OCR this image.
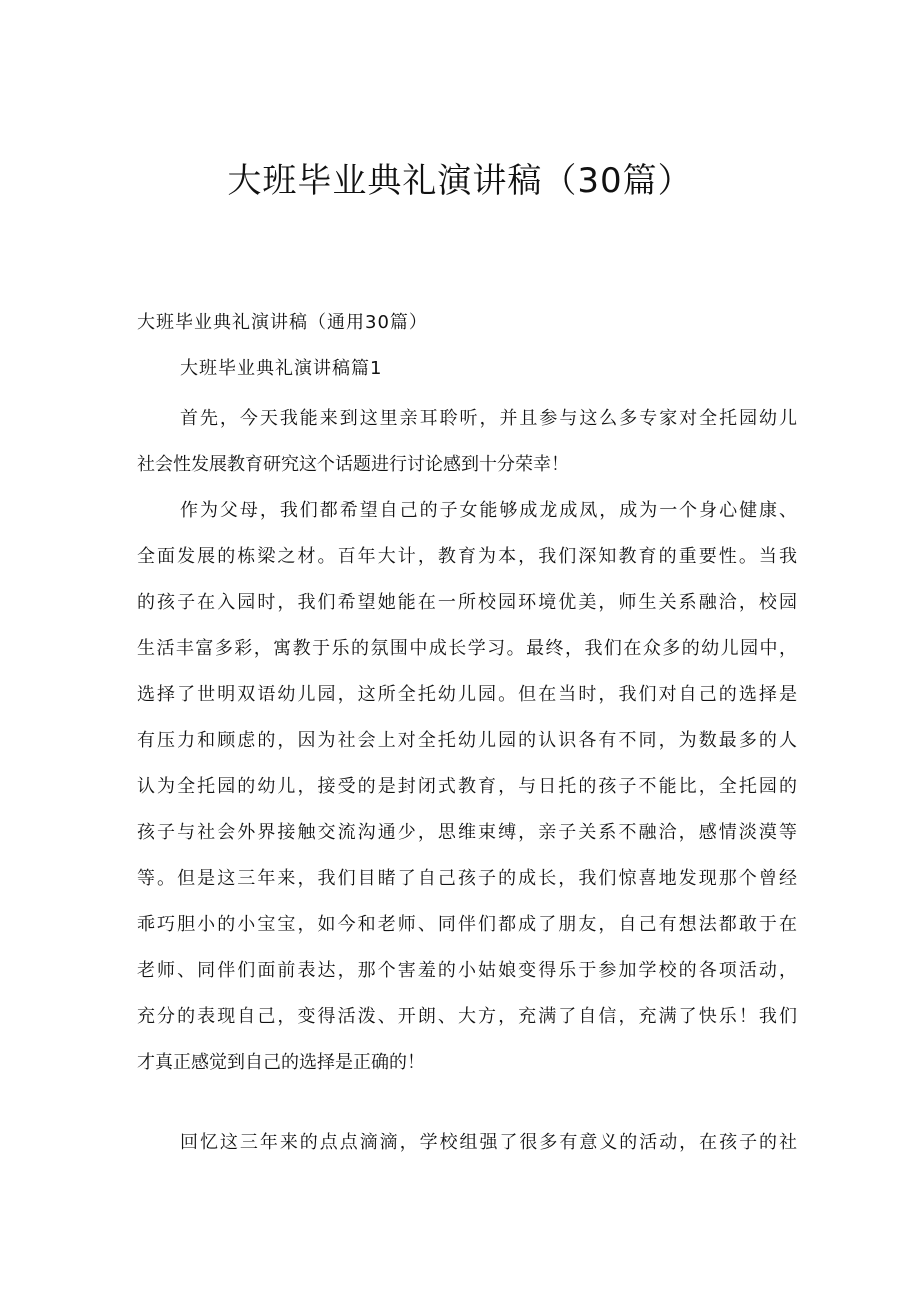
大班毕业典礼演讲稿（30篇）
大班毕业典礼演讲稿（通用30篇）
大班毕业典礼演讲稿篇1
首先，今天我能来到这里亲耳聆听，并且参与这么多专家对全托园幼儿
社会性发展教育研究这个话题进行讨论感到十分荣幸！
作为父母，我们都希望自己的子女能够成龙成凤，成为一个身心健康、
全面发展的栋梁之材。百年大计，教育为本，我们深知教育的重要性。当我
的孩子在入园时，我们希望她能在一所校园环境优美，师生关系融洽，校园
生活丰富多彩，寓教于乐的氛围中成长学习。最终，我们在众多的幼儿园中，
选择了世明双语幼儿园，这所全托幼儿园。但在当时，我们对自己的选择是
有压力和顾虑的，因为社会上对全托幼儿园的认识各有不同，为数最多的人
认为全托园的幼儿，接受的是封闭式教育，与日托的孩子不能比，全托园的
孩子与社会外界接触交流沟通少，思维束缚，亲子关系不融洽，感情淡漠等
等。但是这三年来，我们目睹了自己孩子的成长，我们惊喜地发现那个曾经
乖巧胆小的小宝宝，如今和老师、同伴们都成了朋友，自己有想法都敢于在
老师、同伴们面前表达，那个害羞的小姑娘变得乐于参加学校的各项活动，
充分的表现自己，变得活泼、开朗、大方，充满了自信，充满了快乐！我们
才真正感觉到自己的选择是正确的！
回忆这三年来的点点滴滴，学校组强了很多有意义的活动，在孩子的社
